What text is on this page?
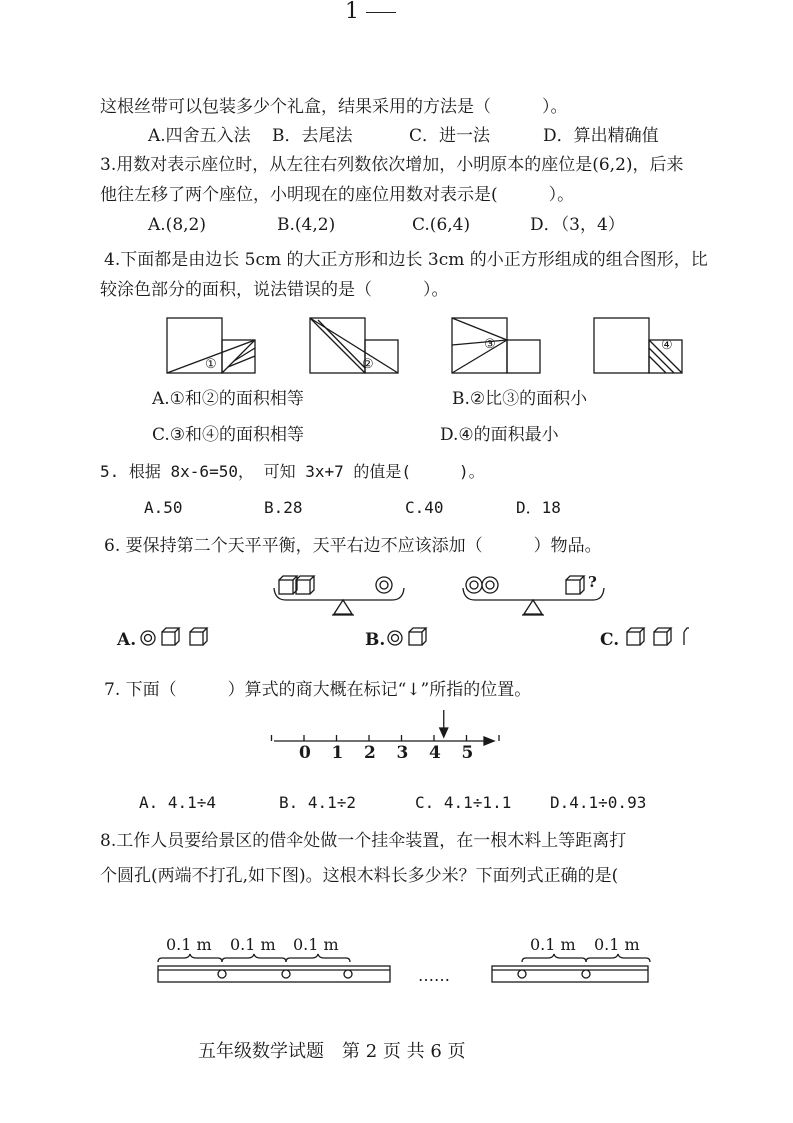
1
这根丝带可以包装多少个礼盒，结果采用的方法是（　　　）。
A.四舍五入法 B．去尾法	C．进一法	D．算出精确值
3.用数对表示座位时，从左往右列数依次增加，小明原本的座位是(6,2)，后来
他往左移了两个座位，小明现在的座位用数对表示是(　　　）。
A.(8,2)	B.(4,2)	C.(6,4)	D．（3，4）
4.下面都是由边长 5cm 的大正方形和边长 3cm 的小正方形组成的组合图形，比
较涂色部分的面积，说法错误的是（　　　）。
①	②
③	④
A.①和②的面积相等	B.②比③的面积小
C.③和④的面积相等	D.④的面积最小
5. 根据 8x-6=50， 可知 3x+7 的值是(　　　)。
A.50	B.28	C.40	D．18
6. 要保持第二个天平平衡，天平右边不应该添加（　　　）物品。
?
A.	B.	C.
7. 下面（　　　）算式的商大概在标记“↓”所指的位置。
0 1 2 3 4 5
A. 4.1÷4	B. 4.1÷2	C. 4.1÷1.1 D.4.1÷0.93
8.工作人员要给景区的借伞处做一个挂伞装置，在一根木料上等距离打
个圆孔(两端不打孔,如下图)。这根木料长多少米？下面列式正确的是(
0.1 m 0.1 m 0.1 m	0.1 m 0.1 m
……
五年级数学试题　第 2 页 共 6 页
